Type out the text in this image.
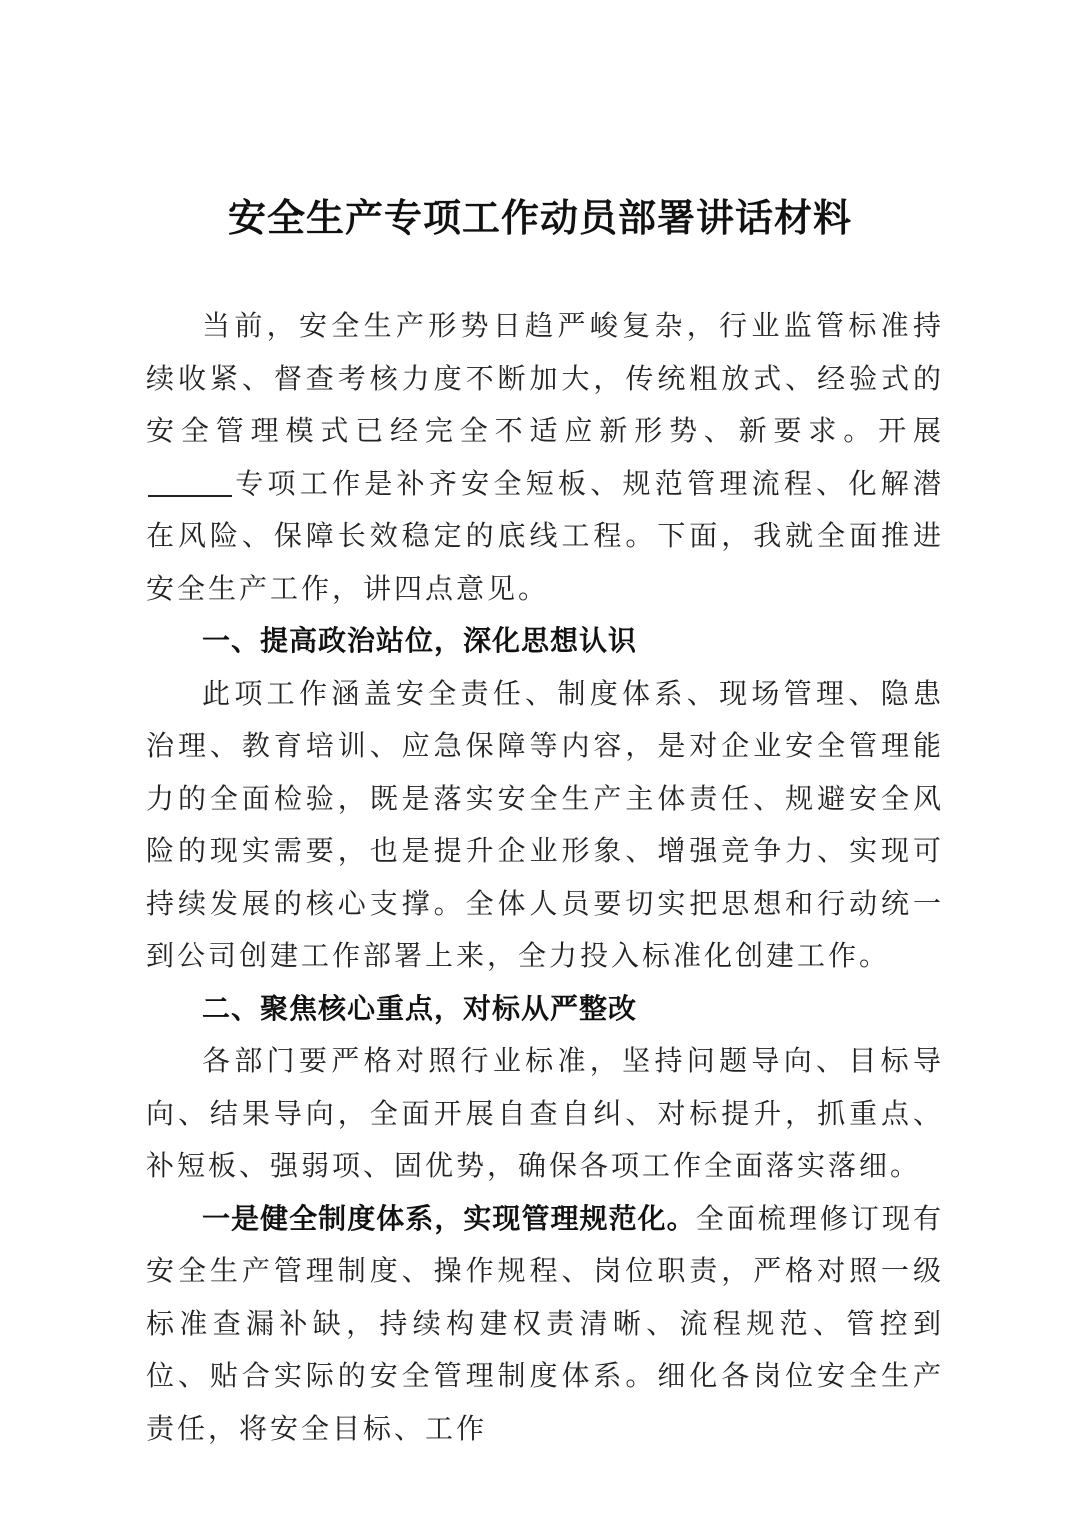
安全生产专项工作动员部署讲话材料

当前，安全生产形势日趋严峻复杂，行业监管标准持续收紧、督查考核力度不断加大，传统粗放式、经验式的安全管理模式已经完全不适应新形势、新要求。开展专项工作是补齐安全短板、规范管理流程、化解潜在风险、保障长效稳定的底线工程。下面，我就全面推进安全生产工作，讲四点意见。

一、提高政治站位，深化思想认识

此项工作涵盖安全责任、制度体系、现场管理、隐患治理、教育培训、应急保障等内容，是对企业安全管理能力的全面检验，既是落实安全生产主体责任、规避安全风险的现实需要，也是提升企业形象、增强竞争力、实现可持续发展的核心支撑。全体人员要切实把思想和行动统一到公司创建工作部署上来，全力投入标准化创建工作。

二、聚焦核心重点，对标从严整改

各部门要严格对照行业标准，坚持问题导向、目标导向、结果导向，全面开展自查自纠、对标提升，抓重点、补短板、强弱项、固优势，确保各项工作全面落实落细。

一是健全制度体系，实现管理规范化。全面梳理修订现有安全生产管理制度、操作规程、岗位职责，严格对照一级标准查漏补缺，持续构建权责清晰、流程规范、管控到位、贴合实际的安全管理制度体系。细化各岗位安全生产责任，将安全目标、工作
